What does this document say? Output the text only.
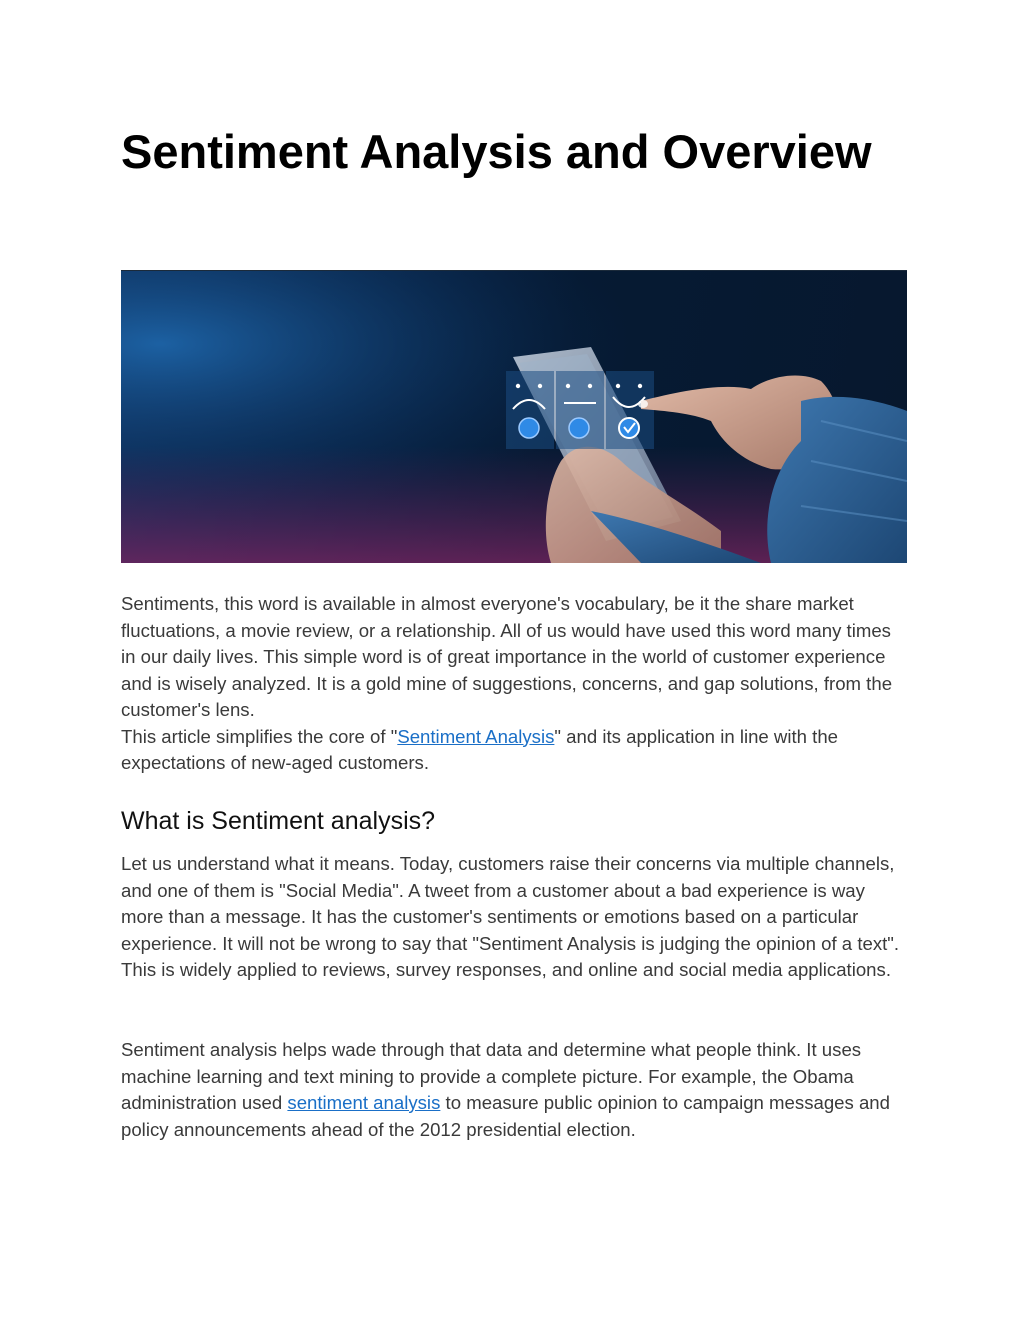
Sentiment Analysis and Overview

Sentiments, this word is available in almost everyone's vocabulary, be it the share market fluctuations, a movie review, or a relationship. All of us would have used this word many times in our daily lives. This simple word is of great importance in the world of customer experience and is wisely analyzed. It is a gold mine of suggestions, concerns, and gap solutions, from the customer's lens.

This article simplifies the core of "Sentiment Analysis" and its application in line with the expectations of new-aged customers.

What is Sentiment analysis?

Let us understand what it means. Today, customers raise their concerns via multiple channels, and one of them is "Social Media". A tweet from a customer about a bad experience is way more than a message. It has the customer's sentiments or emotions based on a particular experience. It will not be wrong to say that "Sentiment Analysis is judging the opinion of a text". This is widely applied to reviews, survey responses, and online and social media applications.

Sentiment analysis helps wade through that data and determine what people think. It uses machine learning and text mining to provide a complete picture. For example, the Obama administration used sentiment analysis to measure public opinion to campaign messages and policy announcements ahead of the 2012 presidential election.
